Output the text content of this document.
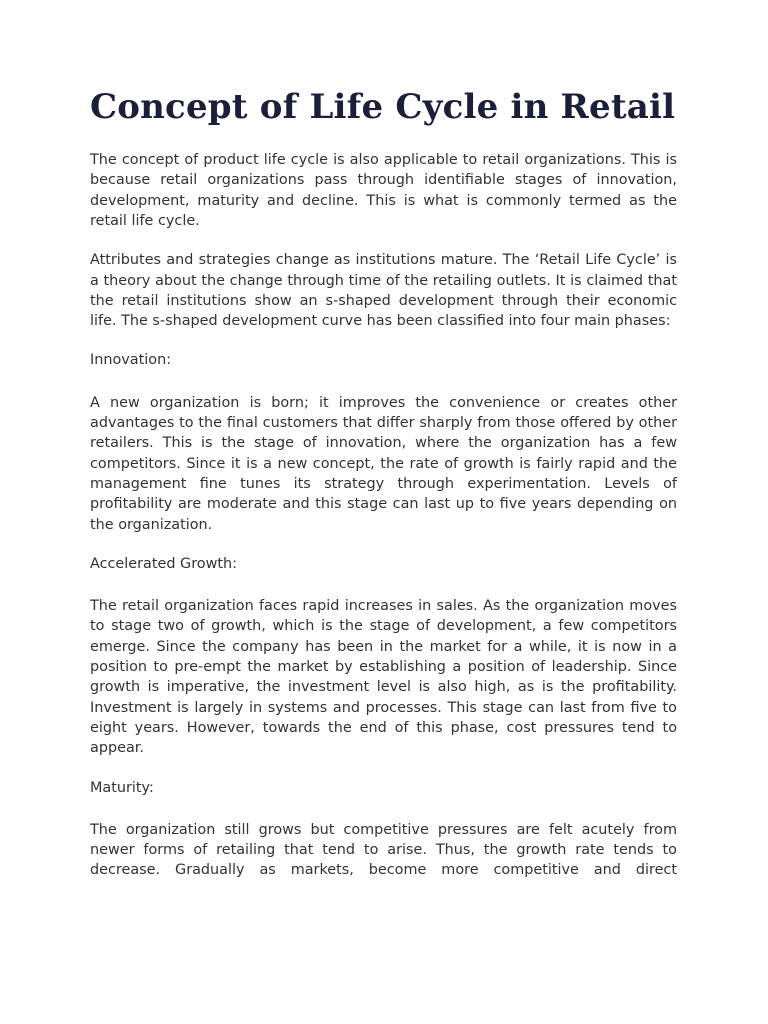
Concept of Life Cycle in Retail

The concept of product life cycle is also applicable to retail organizations. This is because retail organizations pass through identifiable stages of innovation, development, maturity and decline. This is what is commonly termed as the retail life cycle.

Attributes and strategies change as institutions mature. The ‘Retail Life Cycle’ is a theory about the change through time of the retailing outlets. It is claimed that the retail institutions show an s-shaped development through their economic life. The s-shaped development curve has been classified into four main phases:

Innovation:

A new organization is born; it improves the convenience or creates other advantages to the final customers that differ sharply from those offered by other retailers. This is the stage of innovation, where the organization has a few competitors. Since it is a new concept, the rate of growth is fairly rapid and the management fine tunes its strategy through experimentation. Levels of profitability are moderate and this stage can last up to five years depending on the organization.

Accelerated Growth:

The retail organization faces rapid increases in sales. As the organization moves to stage two of growth, which is the stage of development, a few competitors emerge. Since the company has been in the market for a while, it is now in a position to pre-empt the market by establishing a position of leadership. Since growth is imperative, the investment level is also high, as is the profitability. Investment is largely in systems and processes. This stage can last from five to eight years. However, towards the end of this phase, cost pressures tend to appear.

Maturity:

The organization still grows but competitive pressures are felt acutely from newer forms of retailing that tend to arise. Thus, the growth rate tends to decrease. Gradually as markets, become more competitive and direct
